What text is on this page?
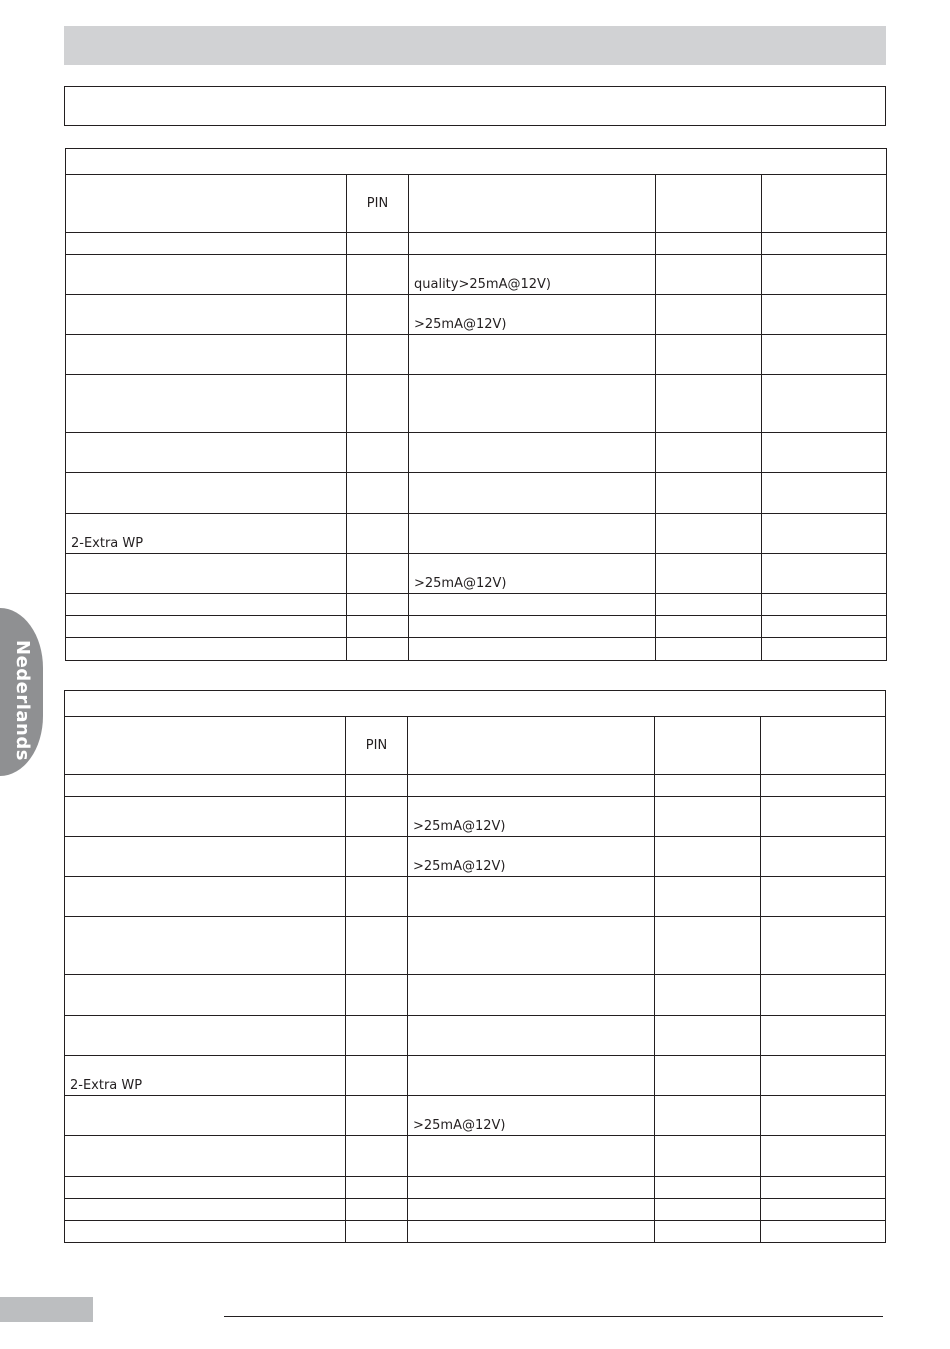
Nederlands

	PIN			

		quality>25mA@12V)		
		>25mA@12V)		

2-Extra WP				
		>25mA@12V)		

	PIN			

		>25mA@12V)		
		>25mA@12V)		

2-Extra WP				
		>25mA@12V)		
